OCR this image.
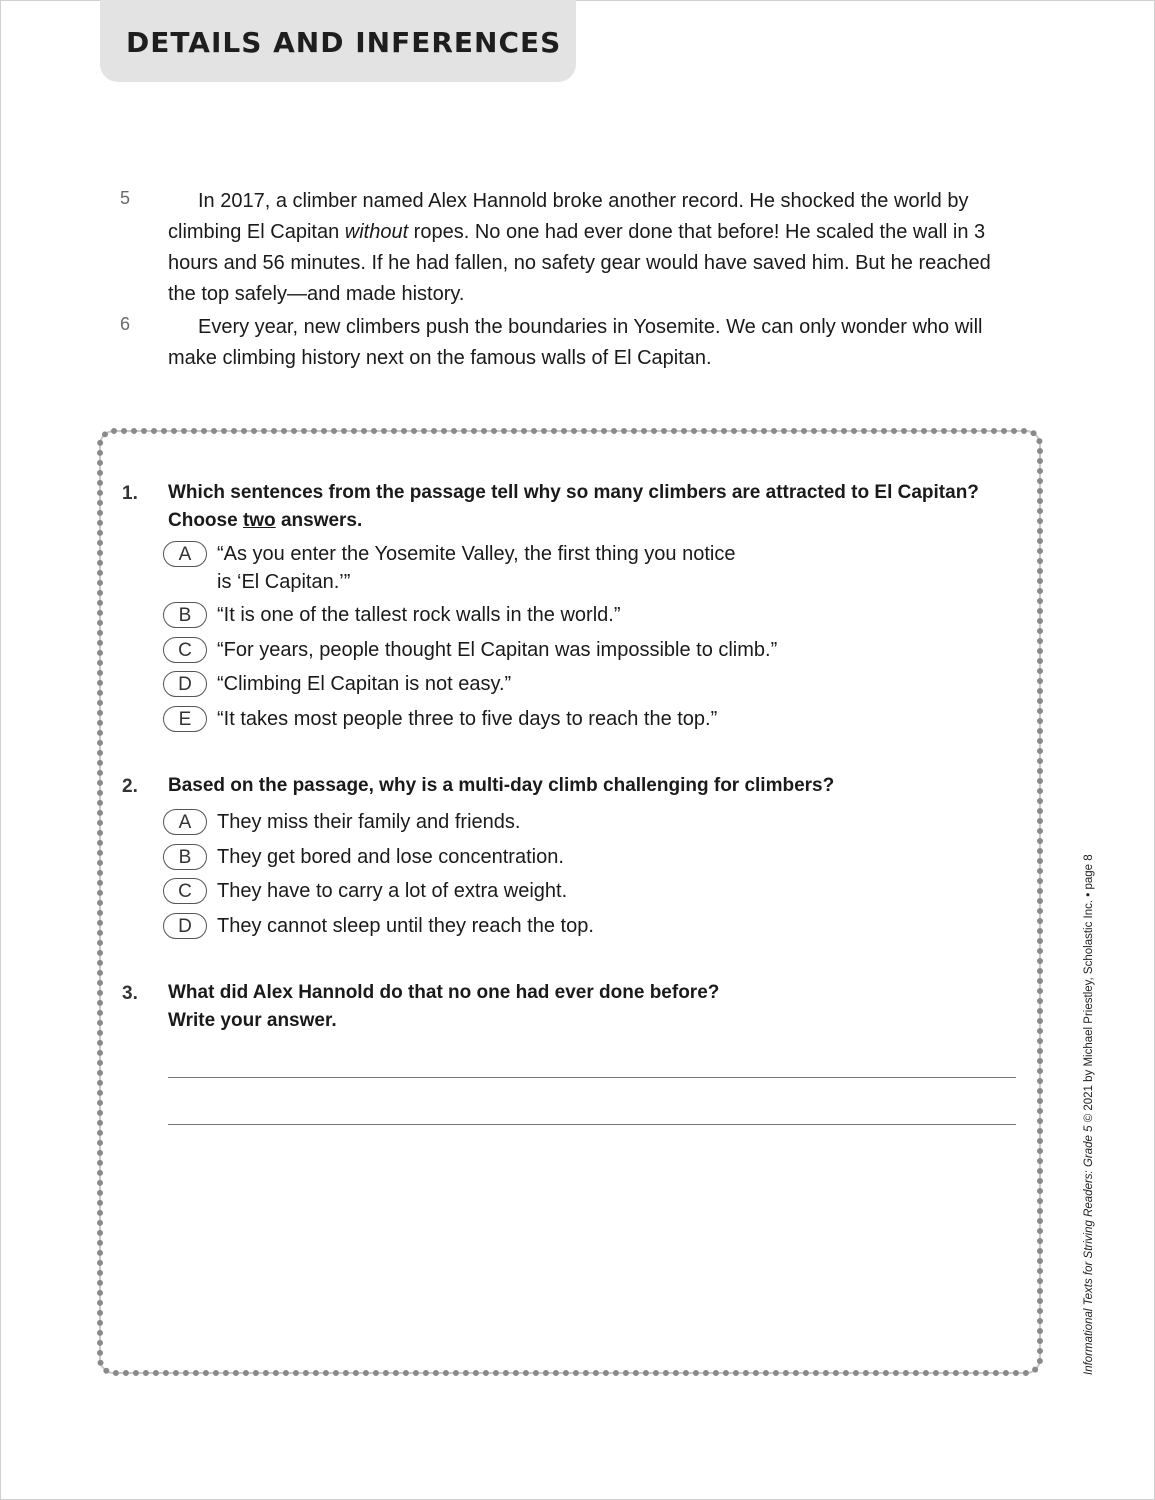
DETAILS AND INFERENCES
5	In 2017, a climber named Alex Hannold broke another record. He shocked the world by climbing El Capitan without ropes. No one had ever done that before! He scaled the wall in 3 hours and 56 minutes. If he had fallen, no safety gear would have saved him. But he reached the top safely—and made history.

6	Every year, new climbers push the boundaries in Yosemite. We can only wonder who will make climbing history next on the famous walls of El Capitan.

1. Which sentences from the passage tell why so many climbers are attracted to El Capitan? Choose two answers.

A	“As you enter the Yosemite Valley, the first thing you notice
is ‘El Capitan.’”
B	“It is one of the tallest rock walls in the world.”
C	“For years, people thought El Capitan was impossible to climb.”
D	“Climbing El Capitan is not easy.”
E	“It takes most people three to five days to reach the top.”
2. Based on the passage, why is a multi-day climb challenging for climbers?

A	They miss their family and friends.
B	They get bored and lose concentration.
C	They have to carry a lot of extra weight.
D	They cannot sleep until they reach the top.
3. What did Alex Hannold do that no one had ever done before?
Write your answer.

Informational Texts for Striving Readers: Grade 5 © 2021 by Michael Priestley, Scholastic Inc. • page 8
